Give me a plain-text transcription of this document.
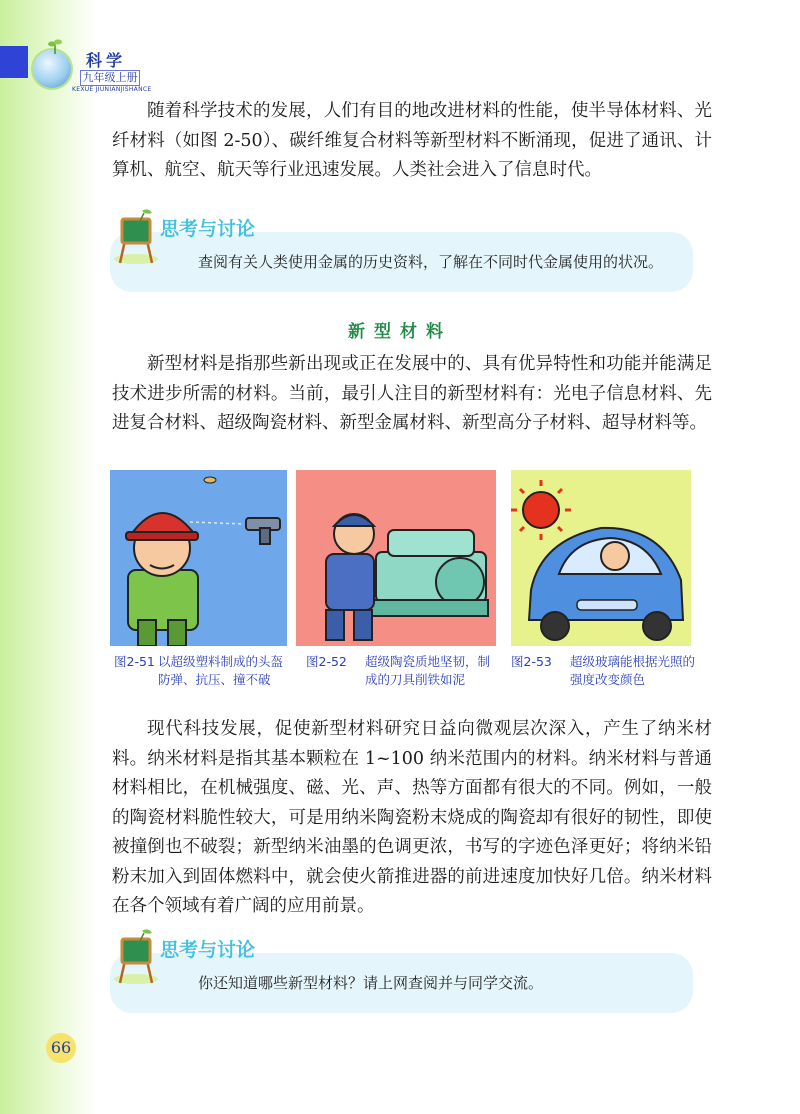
科学
九年级上册
KEXUE JIUNIANJISHANCE

随着科学技术的发展，人们有目的地改进材料的性能，使半导体材料、光纤材料（如图 2-50）、碳纤维复合材料等新型材料不断涌现，促进了通讯、计算机、航空、航天等行业迅速发展。人类社会进入了信息时代。

查阅有关人类使用金属的历史资料，了解在不同时代金属使用的状况。
思考与讨论
新型材料

新型材料是指那些新出现或正在发展中的、具有优异特性和功能并能满足技术进步所需的材料。当前，最引人注目的新型材料有：光电子信息材料、先进复合材料、超级陶瓷材料、新型金属材料、新型高分子材料、超导材料等。

图2-51 以超级塑料制成的头盔防弹、抗压、撞不破
图2-52 超级陶瓷质地坚韧，制成的刀具削铁如泥
图2-53 超级玻璃能根据光照的强度改变颜色

现代科技发展，促使新型材料研究日益向微观层次深入，产生了纳米材料。纳米材料是指其基本颗粒在 1~100 纳米范围内的材料。纳米材料与普通材料相比，在机械强度、磁、光、声、热等方面都有很大的不同。例如，一般的陶瓷材料脆性较大，可是用纳米陶瓷粉末烧成的陶瓷却有很好的韧性，即使被撞倒也不破裂；新型纳米油墨的色调更浓，书写的字迹色泽更好；将纳米铅粉末加入到固体燃料中，就会使火箭推进器的前进速度加快好几倍。纳米材料在各个领域有着广阔的应用前景。

你还知道哪些新型材料？请上网查阅并与同学交流。
思考与讨论
66
